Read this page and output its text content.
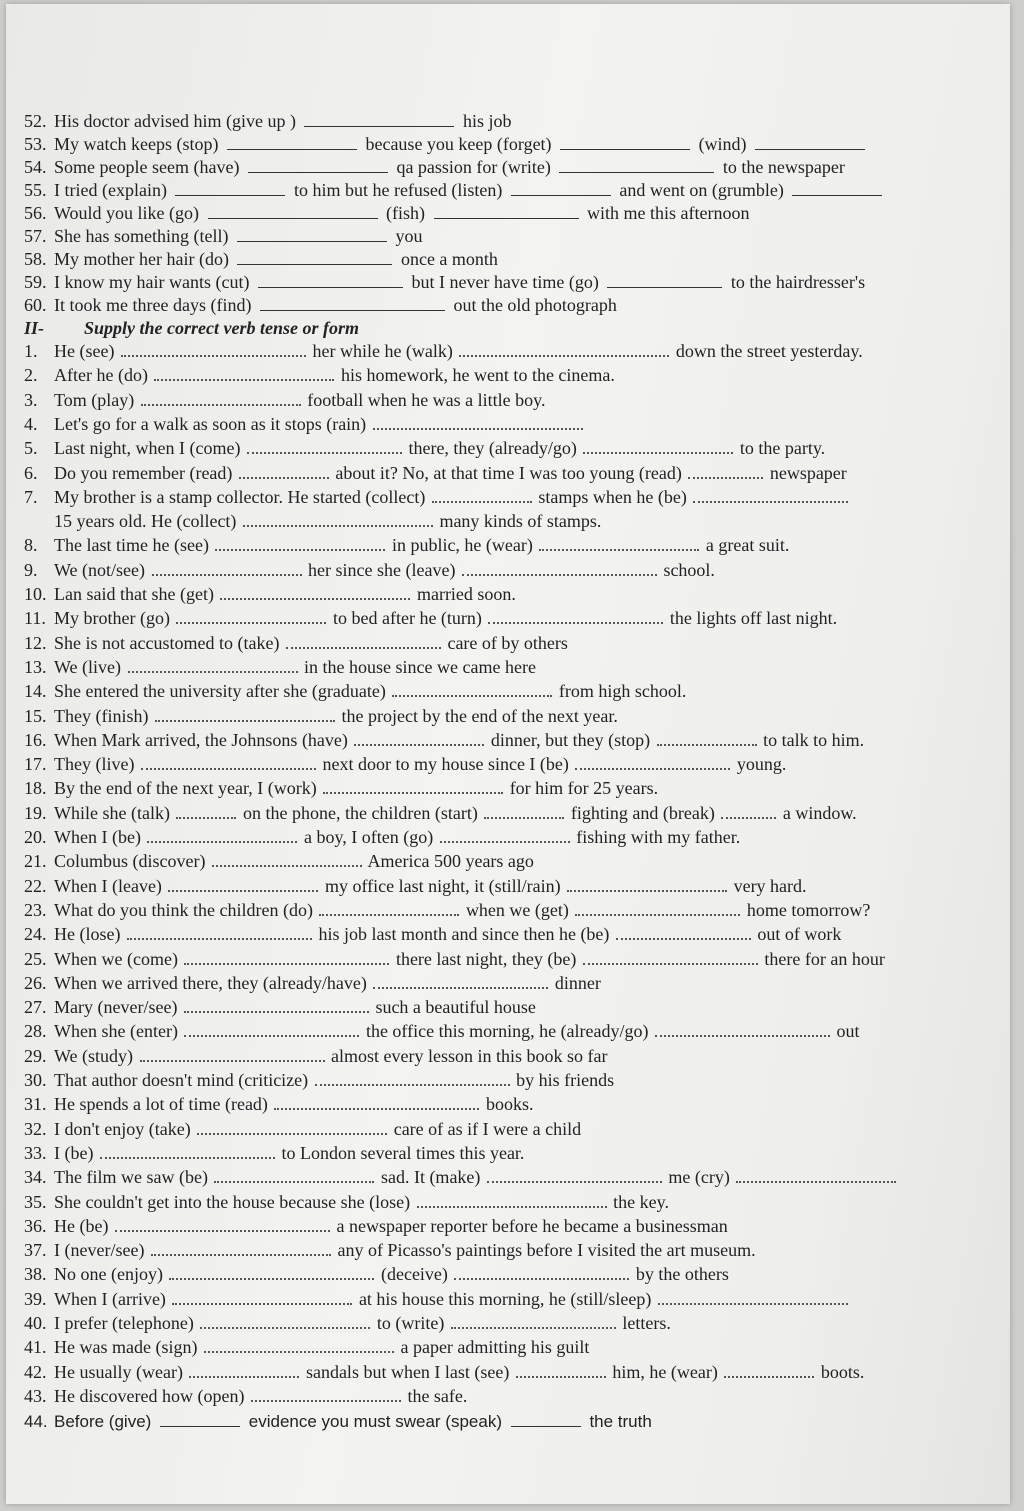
52. His doctor advised him (give up )	his job
53. My watch keeps (stop)	because you keep (forget)	(wind)
54. Some people seem (have)	qa passion for (write)	to the newspaper
55. I tried (explain)	to him but he refused (listen)	and went on (grumble)
56. Would you like (go)	(fish)	with me this afternoon
57. She has something (tell)	you
58. My mother her hair (do)	once a month
59. I know my hair wants (cut)	but I never have time (go)	to the hairdresser's
60. It took me three days (find)	out the old photograph
II- Supply the correct verb tense or form
1. He (see)	her while he (walk)	down the street yesterday.
2. After he (do)	his homework, he went to the cinema.
3. Tom (play)	football when he was a little boy.
4. Let's go for a walk as soon as it stops (rain)
5. Last night, when I (come)	there, they (already/go)	to the party.
6. Do you remember (read)	about it? No, at that time I was too young (read)	newspaper
7. My brother is a stamp collector. He started (collect)	stamps when he (be)
15 years old. He (collect)	many kinds of stamps.
8. The last time he (see)	in public, he (wear)	a great suit.
9. We (not/see)	her since she (leave)	school.
10. Lan said that she (get)	married soon.
11. My brother (go)	to bed after he (turn)	the lights off last night.
12. She is not accustomed to (take)	care of by others
13. We (live)	in the house since we came here
14. She entered the university after she (graduate)	from high school.
15. They (finish)	the project by the end of the next year.
16. When Mark arrived, the Johnsons (have)	dinner, but they (stop)	to talk to him.
17. They (live)	next door to my house since I (be)	young.
18. By the end of the next year, I (work)	for him for 25 years.
19. While she (talk)	on the phone, the children (start)	fighting and (break)	a window.
20. When I (be)	a boy, I often (go)	fishing with my father.
21. Columbus (discover)	America 500 years ago
22. When I (leave)	my office last night, it (still/rain)	very hard.
23. What do you think the children (do)	when we (get)	home tomorrow?
24. He (lose)	his job last month and since then he (be)	out of work
25. When we (come)	there last night, they (be)	there for an hour
26. When we arrived there, they (already/have)	dinner
27. Mary (never/see)	such a beautiful house
28. When she (enter)	the office this morning, he (already/go)	out
29. We (study)	almost every lesson in this book so far
30. That author doesn't mind (criticize)	by his friends
31. He spends a lot of time (read)	books.
32. I don't enjoy (take)	care of as if I were a child
33. I (be)	to London several times this year.
34. The film we saw (be)	sad. It (make)	me (cry)
35. She couldn't get into the house because she (lose)	the key.
36. He (be)	a newspaper reporter before he became a businessman
37. I (never/see)	any of Picasso's paintings before I visited the art museum.
38. No one (enjoy)	(deceive)	by the others
39. When I (arrive)	at his house this morning, he (still/sleep)
40. I prefer (telephone)	to (write)	letters.
41. He was made (sign)	a paper admitting his guilt
42. He usually (wear)	sandals but when I last (see)	him, he (wear)	boots.
43. He discovered how (open)	the safe.
44. Before (give)	evidence you must swear (speak)	the truth
